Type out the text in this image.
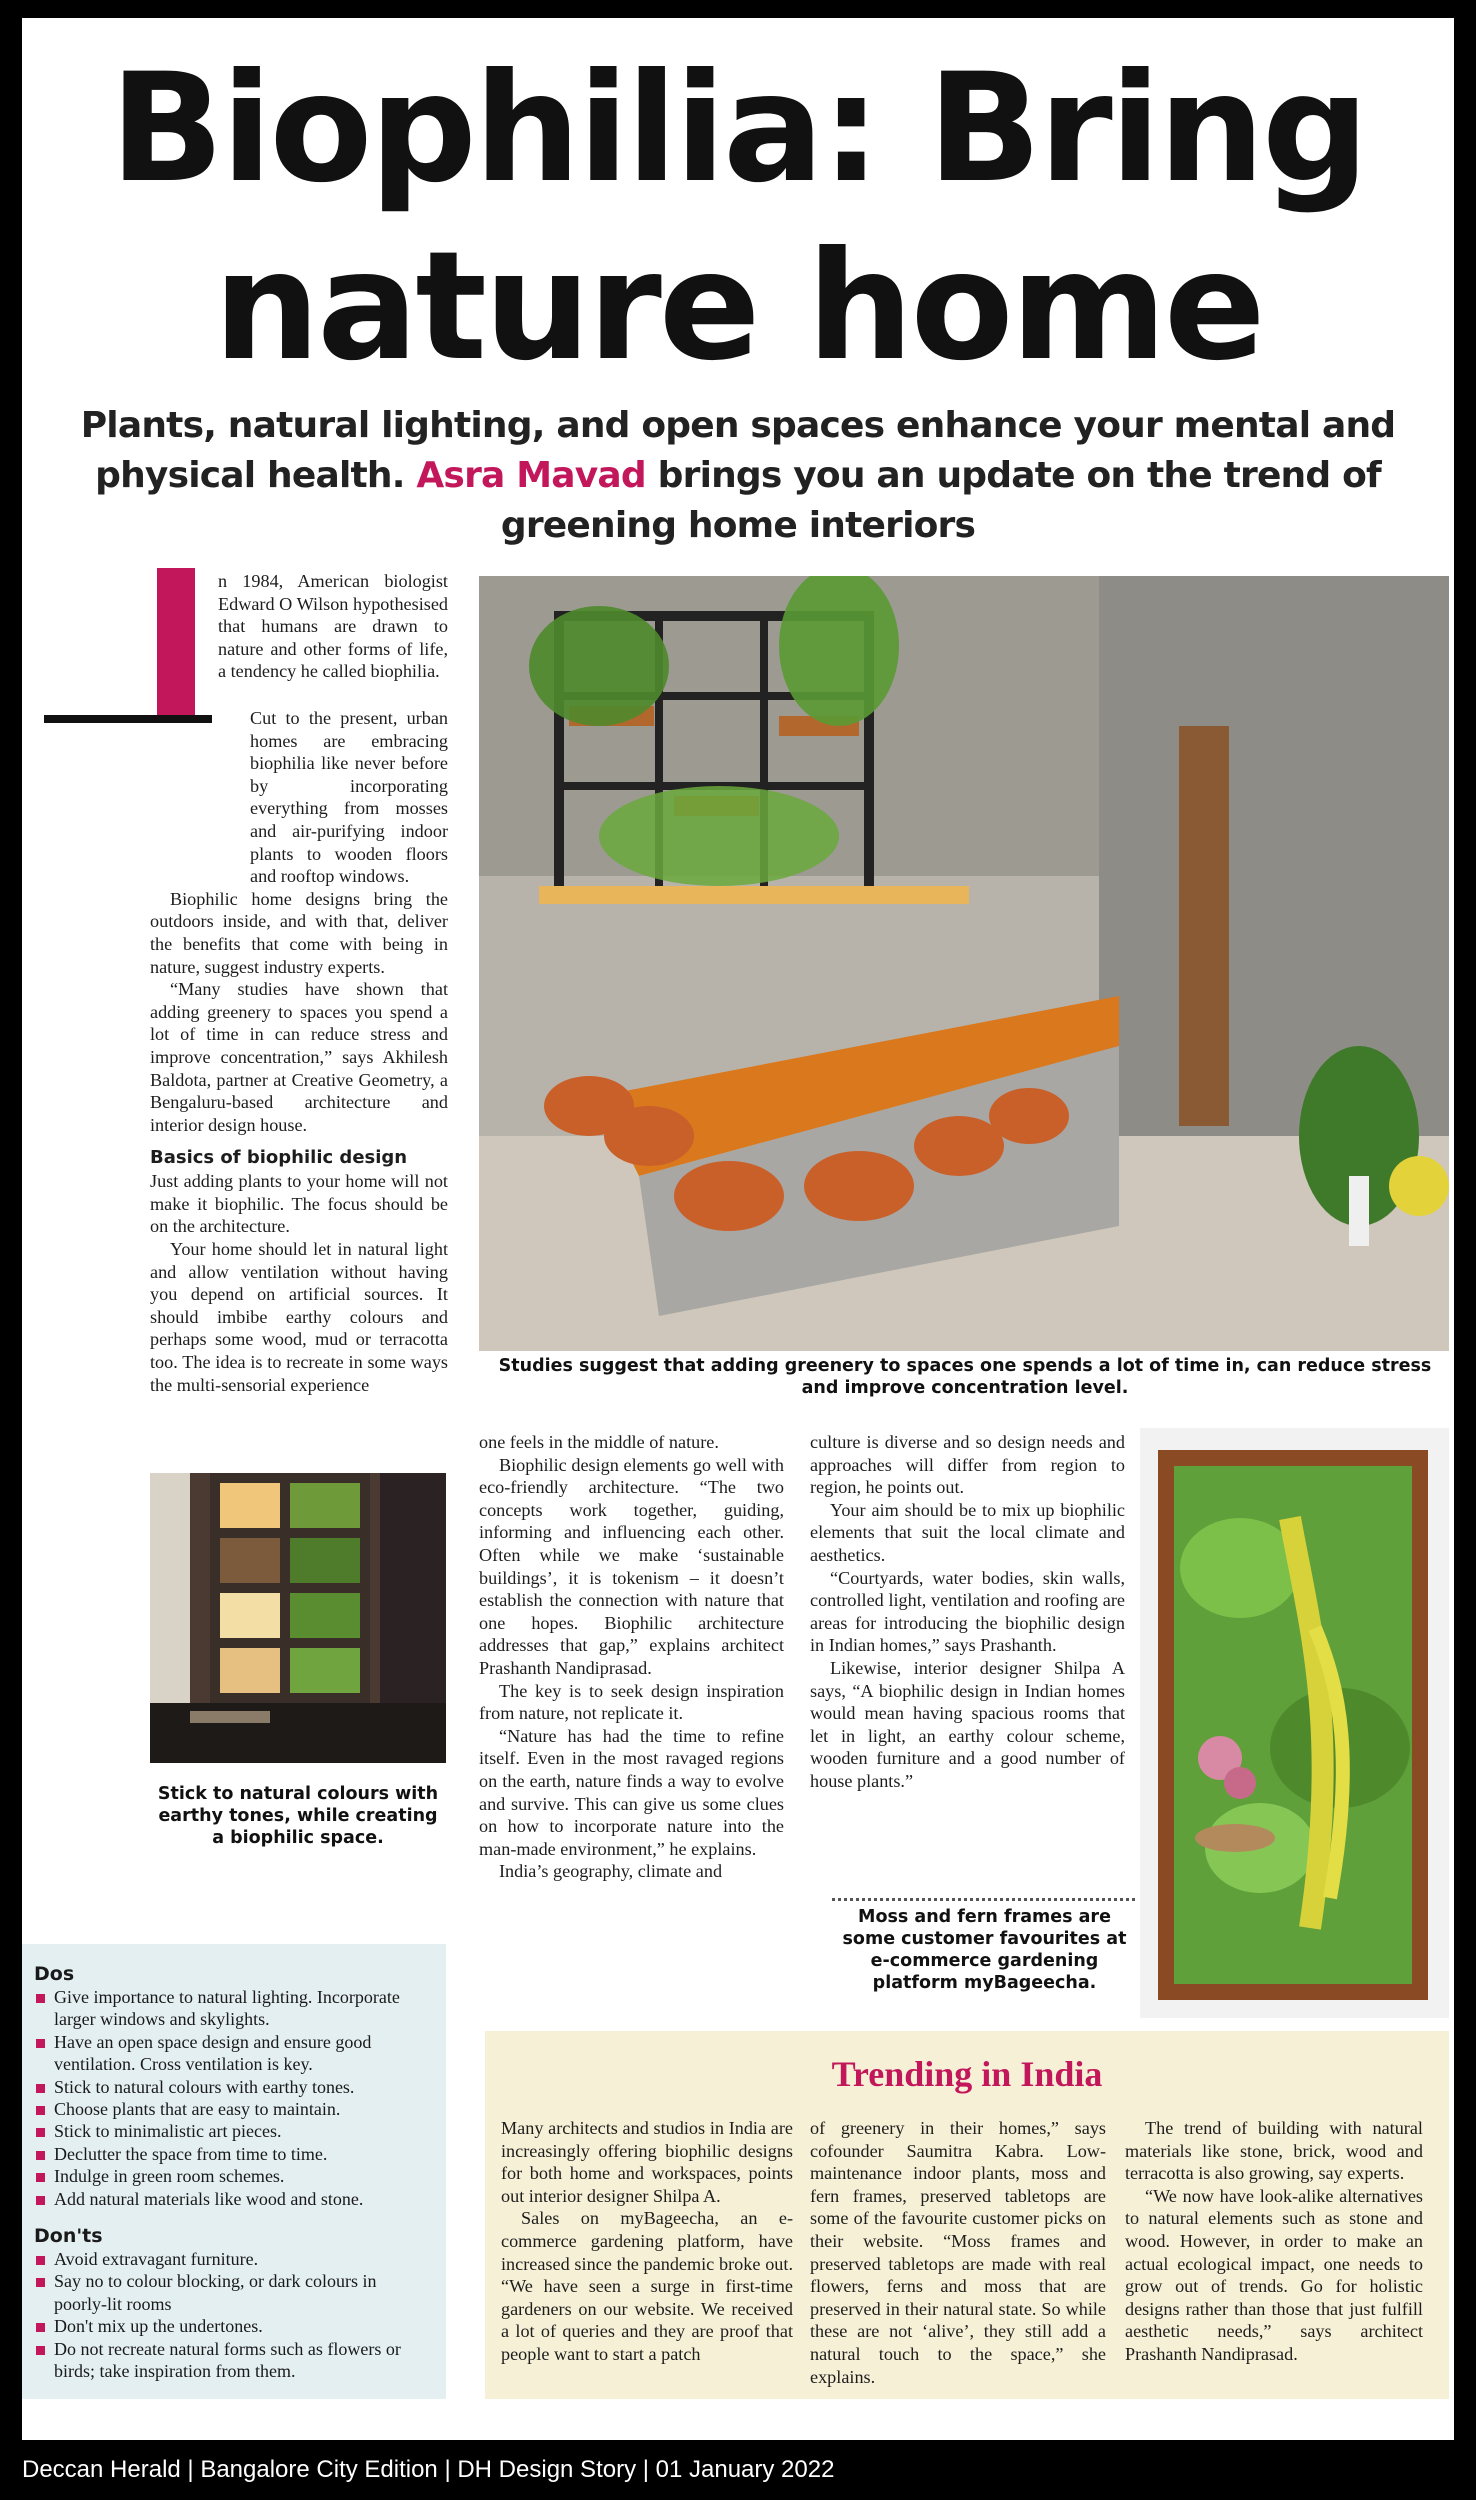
Biophilia: Bring
nature home
Plants, natural lighting, and open spaces enhance your mental and physical health. Asra Mavad brings you an update on the trend of greening home interiors

n 1984, American biologist Edward O Wilson hypothesised that humans are drawn to nature and other forms of life, a tendency he called biophilia.

Cut to the present, urban homes are embracing biophilia like never before by incorporating everything from mosses and air-purifying indoor plants to wooden floors and rooftop windows.

Biophilic home designs bring the outdoors inside, and with that, deliver the benefits that come with being in nature, suggest industry experts.

“Many studies have shown that adding greenery to spaces you spend a lot of time in can reduce stress and improve concentration,” says Akhilesh Baldota, partner at Creative Geometry, a Bengaluru-based architecture and interior design house.

Basics of biophilic design

Just adding plants to your home will not make it biophilic. The focus should be on the architecture.

Your home should let in natural light and allow ventilation without having you depend on artificial sources. It should imbibe earthy colours and perhaps some wood, mud or terracotta too. The idea is to recreate in some ways the multi-sensorial experience

Studies suggest that adding greenery to spaces one spends a lot of time in, can reduce stress and improve concentration level.
Stick to natural colours with earthy tones, while creating a biophilic space.

one feels in the middle of nature.

Biophilic design elements go well with eco-friendly architecture. “The two concepts work together, guiding, informing and influencing each other. Often while we make ‘sustainable buildings’, it is tokenism – it doesn’t establish the connection with nature that one hopes. Biophilic architecture addresses that gap,” explains architect Prashanth Nandiprasad.

The key is to seek design inspiration from nature, not replicate it.

“Nature has had the time to refine itself. Even in the most ravaged regions on the earth, nature finds a way to evolve and survive. This can give us some clues on how to incorporate nature into the man-made environment,” he explains.

India’s geography, climate and

culture is diverse and so design needs and approaches will differ from region to region, he points out.

Your aim should be to mix up biophilic elements that suit the local climate and aesthetics.

“Courtyards, water bodies, skin walls, controlled light, ventilation and roofing are areas for introducing the biophilic design in Indian homes,” says Prashanth.

Likewise, interior designer Shilpa A says, “A biophilic design in Indian homes would mean having spacious rooms that let in light, an earthy colour scheme, wooden furniture and a good number of house plants.”

Moss and fern frames are some customer favourites at e-commerce gardening platform myBageecha.
Dos
Give importance to natural lighting. Incorporate larger windows and skylights.
Have an open space design and ensure good ventilation. Cross ventilation is key.
Stick to natural colours with earthy tones.
Choose plants that are easy to maintain.
Stick to minimalistic art pieces.
Declutter the space from time to time.
Indulge in green room schemes.
Add natural materials like wood and stone.
Don'ts
Avoid extravagant furniture.
Say no to colour blocking, or dark colours in poorly-lit rooms
Don't mix up the undertones.
Do not recreate natural forms such as flowers or birds; take inspiration from them.
Trending in India

Many architects and studios in India are increasingly offering biophilic designs for both home and workspaces, points out interior designer Shilpa A.

Sales on myBageecha, an e-commerce gardening platform, have increased since the pandemic broke out. “We have seen a surge in first-time gardeners on our website. We received a lot of queries and they are proof that people want to start a patch

of greenery in their homes,” says cofounder Saumitra Kabra. Low-maintenance indoor plants, moss and fern frames, preserved tabletops are some of the favourite customer picks on their website. “Moss frames and preserved tabletops are made with real flowers, ferns and moss that are preserved in their natural state. So while these are not ‘alive’, they still add a natural touch to the space,” she explains.

The trend of building with natural materials like stone, brick, wood and terracotta is also growing, say experts.

“We now have look-alike alternatives to natural elements such as stone and wood. However, in order to make an actual ecological impact, one needs to grow out of trends. Go for holistic designs rather than those that just fulfill aesthetic needs,” says architect Prashanth Nandiprasad.

Deccan Herald | Bangalore City Edition | DH Design Story | 01 January 2022
